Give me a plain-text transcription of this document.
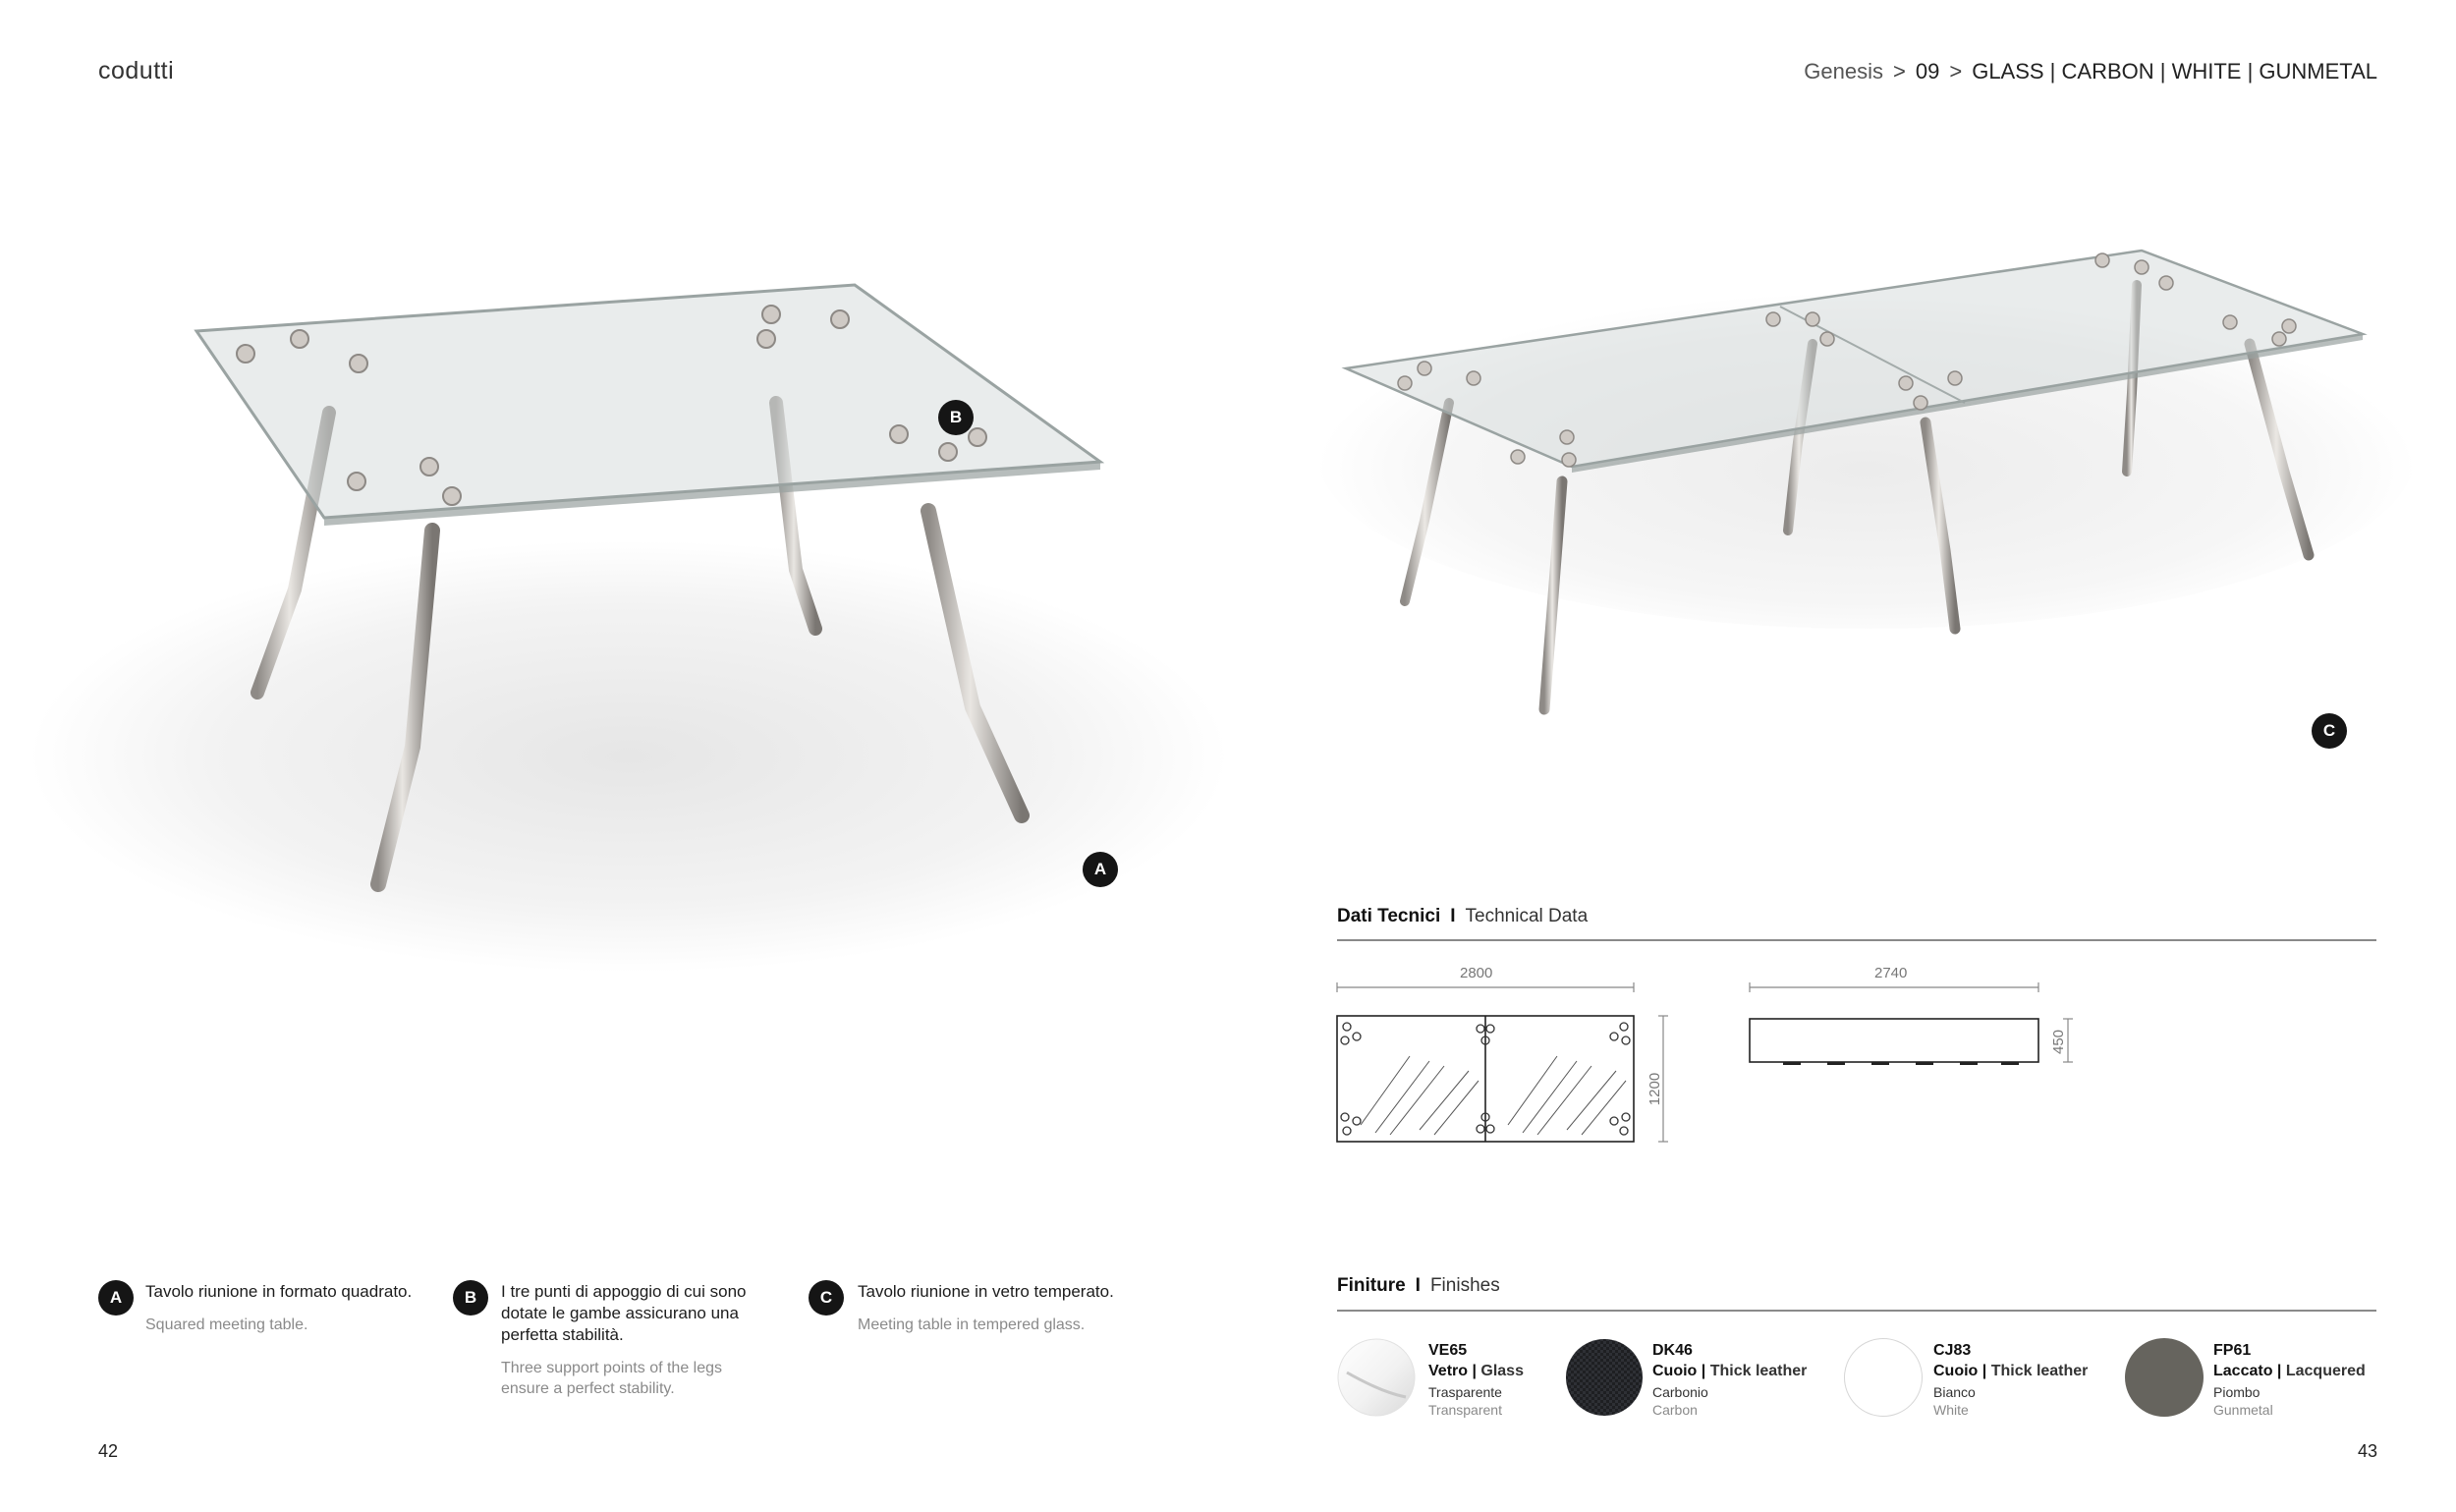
codutti	Genesis > 09 > GLASS | CARBON | WHITE | GUNMETAL
B
A
C
Dati Tecnici I Technical Data
2800
1200
2740
450
A	Tavolo riunione in formato quadrato.
Squared meeting table.
B	I tre punti di appoggio di cui sono dotate le gambe assicurano una perfetta stabilità.
Three support points of the legs ensure a perfect stability.
C	Tavolo riunione in vetro temperato.
Meeting table in tempered glass.
Finiture I Finishes
VE65
Vetro | Glass
Trasparente
Transparent
DK46
Cuoio | Thick leather
Carbonio
Carbon
CJ83
Cuoio | Thick leather
Bianco
White
FP61
Laccato | Lacquered
Piombo
Gunmetal
42	43
